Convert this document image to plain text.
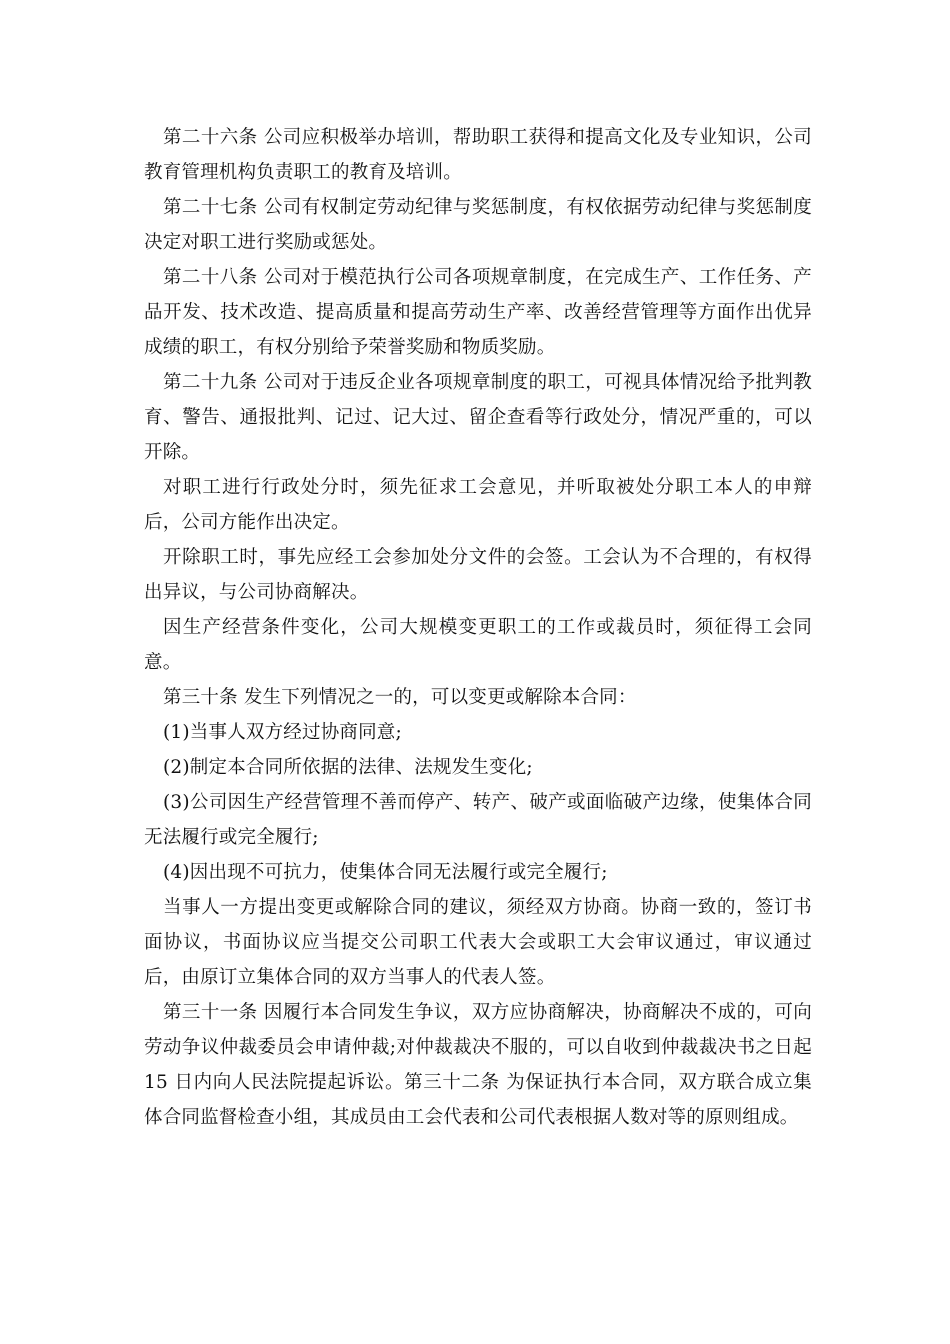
第二十六条 公司应积极举办培训，帮助职工获得和提高文化及专业知识，公司教育管理机构负责职工的教育及培训。

第二十七条 公司有权制定劳动纪律与奖惩制度，有权依据劳动纪律与奖惩制度决定对职工进行奖励或惩处。

第二十八条 公司对于模范执行公司各项规章制度，在完成生产、工作任务、产品开发、技术改造、提高质量和提高劳动生产率、改善经营管理等方面作出优异成绩的职工，有权分别给予荣誉奖励和物质奖励。

第二十九条 公司对于违反企业各项规章制度的职工，可视具体情况给予批判教育、警告、通报批判、记过、记大过、留企查看等行政处分，情况严重的，可以开除。

对职工进行行政处分时，须先征求工会意见，并听取被处分职工本人的申辩后，公司方能作出决定。

开除职工时，事先应经工会参加处分文件的会签。工会认为不合理的，有权得出异议，与公司协商解决。

因生产经营条件变化，公司大规模变更职工的工作或裁员时，须征得工会同意。

第三十条 发生下列情况之一的，可以变更或解除本合同：

(1)当事人双方经过协商同意;

(2)制定本合同所依据的法律、法规发生变化;

(3)公司因生产经营管理不善而停产、转产、破产或面临破产边缘，使集体合同无法履行或完全履行;

(4)因出现不可抗力，使集体合同无法履行或完全履行;

当事人一方提出变更或解除合同的建议，须经双方协商。协商一致的，签订书面协议，书面协议应当提交公司职工代表大会或职工大会审议通过，审议通过后，由原订立集体合同的双方当事人的代表人签。

第三十一条 因履行本合同发生争议，双方应协商解决，协商解决不成的，可向劳动争议仲裁委员会申请仲裁;对仲裁裁决不服的，可以自收到仲裁裁决书之日起 15 日内向人民法院提起诉讼。第三十二条 为保证执行本合同，双方联合成立集体合同监督检查小组，其成员由工会代表和公司代表根据人数对等的原则组成。
